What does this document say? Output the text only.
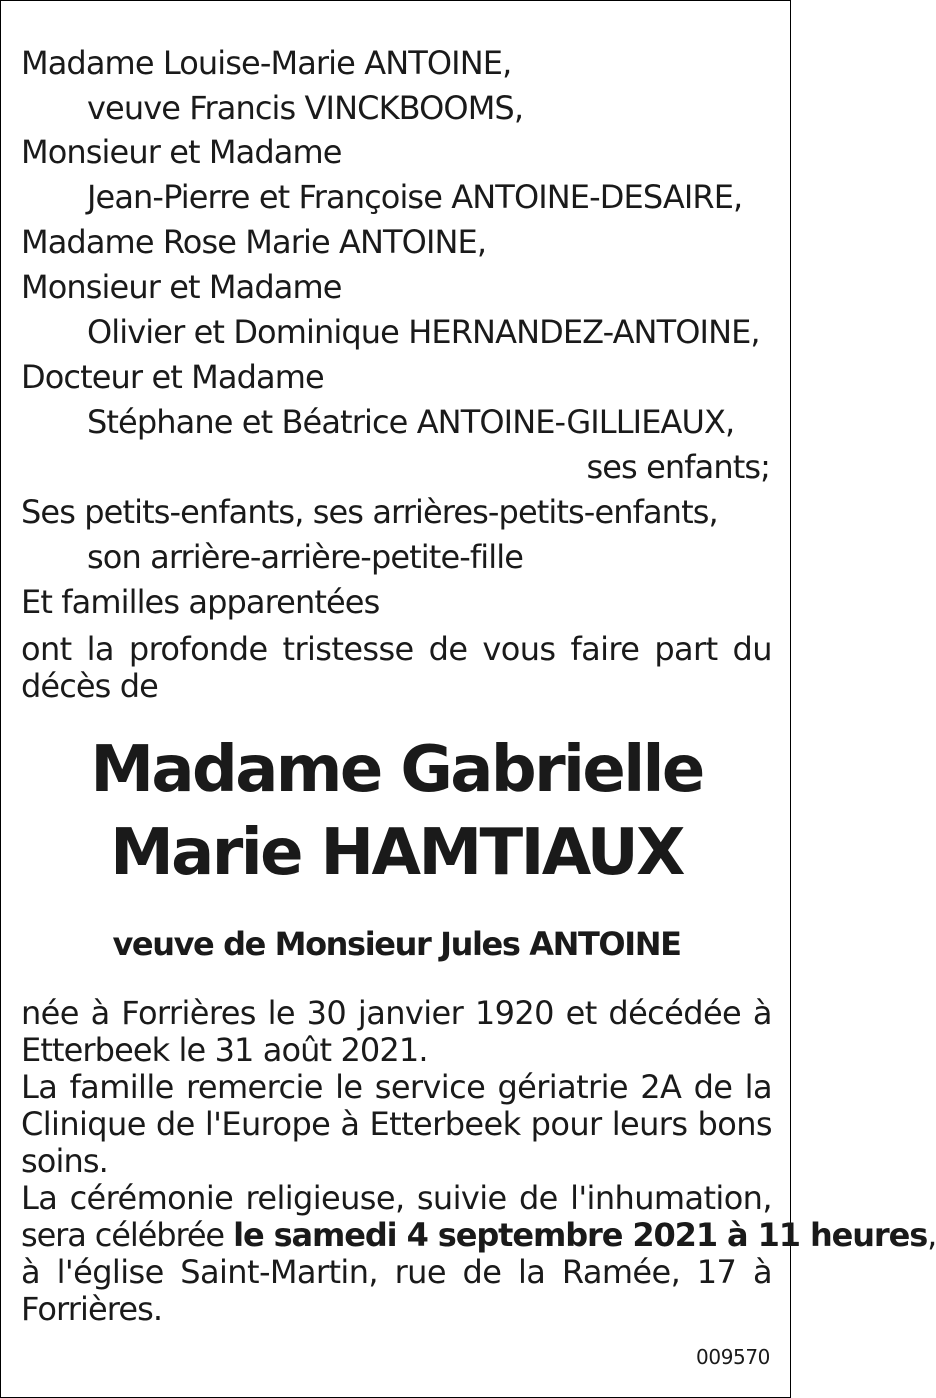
Madame Louise-Marie ANTOINE,
veuve Francis VINCKBOOMS,
Monsieur et Madame
Jean-Pierre et Françoise ANTOINE-DESAIRE,
Madame Rose Marie ANTOINE,
Monsieur et Madame
Olivier et Dominique HERNANDEZ-ANTOINE,
Docteur et Madame
Stéphane et Béatrice ANTOINE-GILLIEAUX,
ses enfants;
Ses petits-enfants, ses arrières-petits-enfants,
son arrière-arrière-petite-fille
Et familles apparentées
ont la profonde tristesse de vous faire part du
décès de
Madame Gabrielle
Marie HAMTIAUX
veuve de Monsieur Jules ANTOINE
née à Forrières le 30 janvier 1920 et décédée à
Etterbeek le 31 août 2021.
La famille remercie le service gériatrie 2A de la
Clinique de l'Europe à Etterbeek pour leurs bons
soins.
La cérémonie religieuse, suivie de l'inhumation,
sera célébrée le samedi 4 septembre 2021 à 11 heures,
à l'église Saint-Martin, rue de la Ramée, 17 à
Forrières.
009570
